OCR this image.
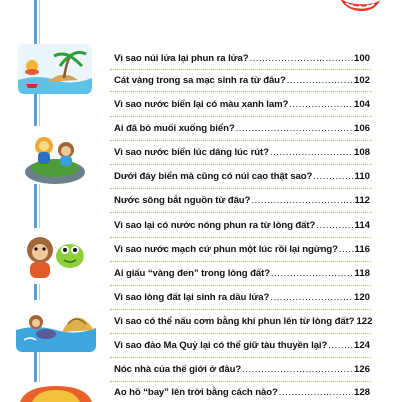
Vì sao núi lửa lại phun ra lửa? .....	100
Cát vàng trong sa mạc sinh ra từ đâu? .....	102
Vì sao nước biển lại có màu xanh lam? .....	104
Ai đã bỏ muối xuống biển? .....	106
Vì sao nước biển lúc dâng lúc rút? .....	108
Dưới đáy biển mà cũng có núi cao thật sao? .....	110
Nước sông bắt nguồn từ đâu? .....	112
Vì sao lại có nước nóng phun ra từ lòng đất? .....	114
Vì sao nước mạch cứ phun một lúc rồi lại ngừng? ..... 116
Ai giấu “vàng đen” trong lòng đất? .....	118
Vì sao lòng đất lại sinh ra dầu lửa? .....	120
Vì sao có thể nấu cơm bằng khí phun lên từ lòng đất? 122
Vì sao đảo Ma Quỷ lại có thể giữ tàu thuyền lại? .....	124
Nóc nhà của thế giới ở đâu? .....	126
Ao hồ “bay” lên trời bằng cách nào? .....	128
